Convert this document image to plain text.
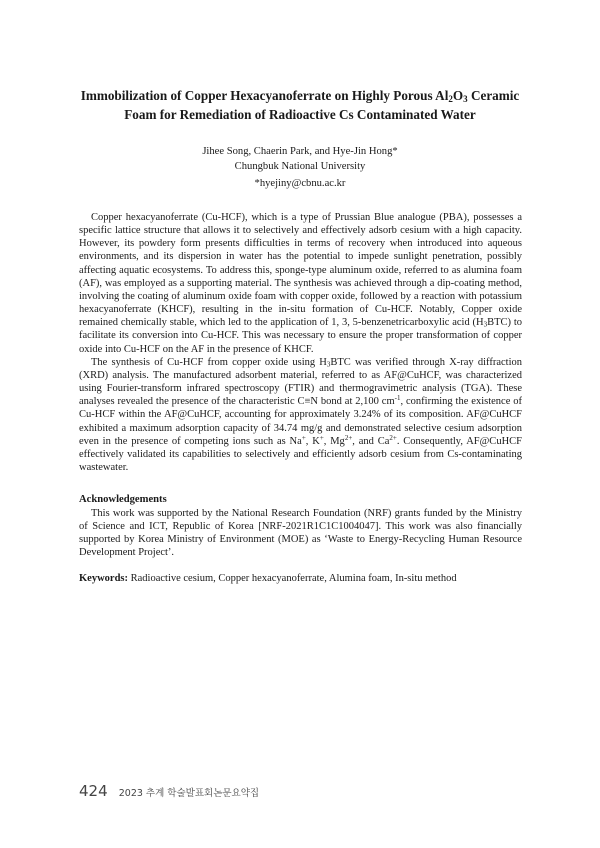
Immobilization of Copper Hexacyanoferrate on Highly Porous $Al_2O_3$ Ceramic Foam for Remediation of Radioactive Cs Contaminated Water

Jihee Song, Chaerin Park, and Hye-Jin Hong*

Chungbuk National University

*hyejiny@cbnu.ac.kr

Copper hexacyanoferrate (Cu-HCF), which is a type of Prussian Blue analogue (PBA), possesses a specific lattice structure that allows it to selectively and effectively adsorb cesium with a high capacity. However, its powdery form presents difficulties in terms of recovery when introduced into aqueous environments, and its dispersion in water has the potential to impede sunlight penetration, possibly affecting aquatic ecosystems. To address this, sponge-type aluminum oxide, referred to as alumina foam (AF), was employed as a supporting material. The synthesis was achieved through a dip-coating method, involving the coating of aluminum oxide foam with copper oxide, followed by a reaction with potassium hexacyanoferrate (KHCF), resulting in the in-situ formation of Cu-HCF. Notably, Copper oxide remained chemically stable, which led to the application of 1, 3, 5-benzenetricarboxylic acid $(H_3BTC)$ to facilitate its conversion into Cu-HCF. This was necessary to ensure the proper transformation of copper oxide into Cu-HCF on the AF in the presence of KHCF.

The synthesis of Cu-HCF from copper oxide using $H_3BTC$ was verified through X-ray diffraction (XRD) analysis. The manufactured adsorbent material, referred to as AF@CuHCF, was characterized using Fourier-transform infrared spectroscopy (FTIR) and thermogravimetric analysis (TGA). These analyses revealed the presence of the characteristic C≡N bond at 2,100 $cm^{-1}$, confirming the existence of Cu-HCF within the AF@CuHCF, accounting for approximately 3.24% of its composition. AF@CuHCF exhibited a maximum adsorption capacity of 34.74 mg/g and demonstrated selective cesium adsorption even in the presence of competing ions such as Na+, K+, $Mg^{2+}$, and $Ca^{2+}$. Consequently, AF@CuHCF effectively validated its capabilities to selectively and efficiently adsorb cesium from Cs-contaminating wastewater.

Acknowledgements

This work was supported by the National Research Foundation (NRF) grants funded by the Ministry of Science and ICT, Republic of Korea [NRF-2021R1C1C1004047]. This work was also financially supported by Korea Ministry of Environment (MOE) as ‘Waste to Energy-Recycling Human Resource Development Project’.

Keywords: Radioactive cesium, Copper hexacyanoferrate, Alumina foam, In-situ method

424 2023 추계 학술발표회논문요약집
